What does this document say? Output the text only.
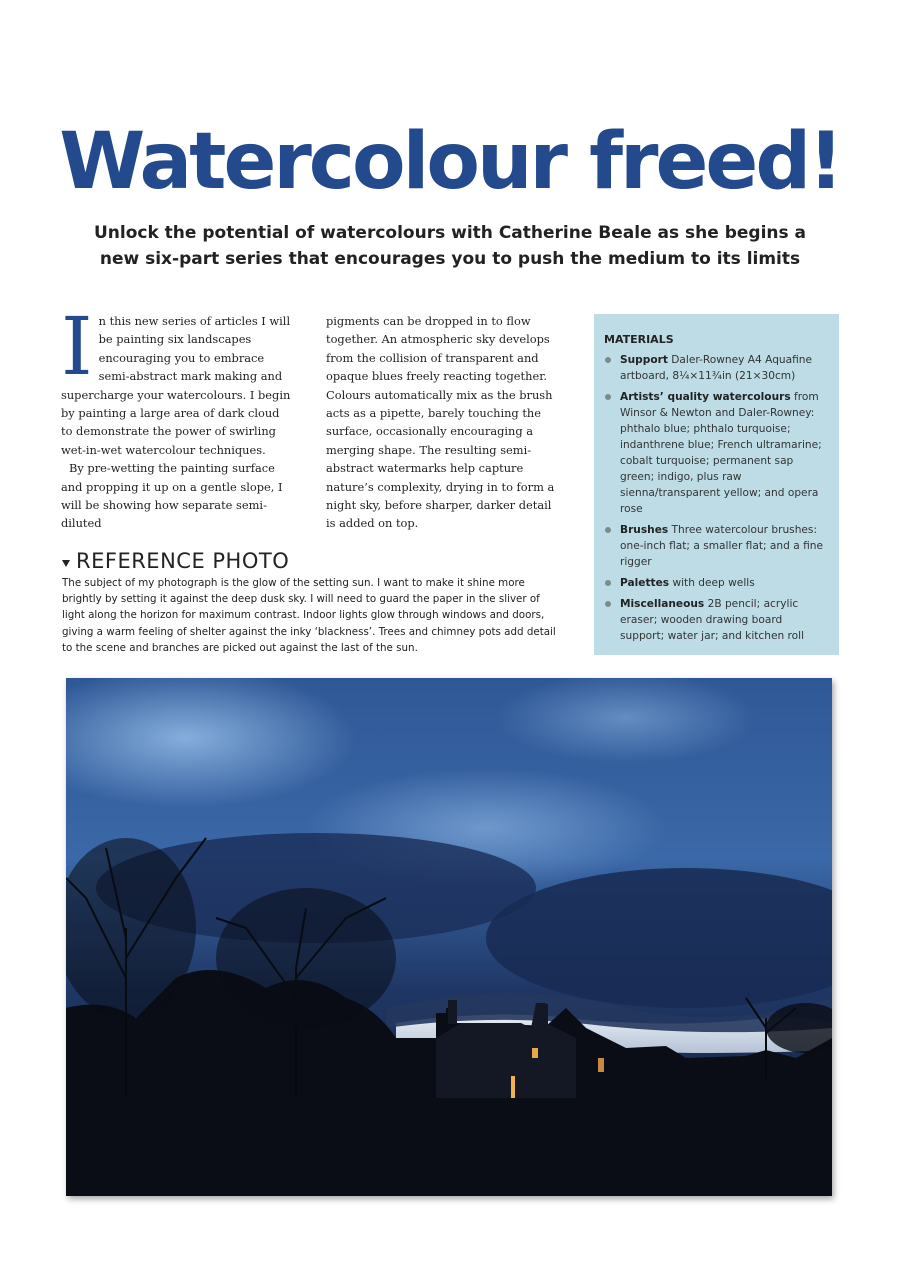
Watercolour freed!
Unlock the potential of watercolours with Catherine Beale as she begins a new six-part series that encourages you to push the medium to its limits

In this new series of articles I will be painting six landscapes encouraging you to embrace semi-abstract mark making and supercharge your watercolours. I begin by painting a large area of dark cloud to demonstrate the power of swirling wet-in-wet watercolour techniques.

By pre-wetting the painting surface and propping it up on a gentle slope, I will be showing how separate semi-diluted

pigments can be dropped in to flow together. An atmospheric sky develops from the collision of transparent and opaque blues freely reacting together. Colours automatically mix as the brush acts as a pipette, barely touching the surface, occasionally encouraging a merging shape. The resulting semi-abstract watermarks help capture nature’s complexity, drying in to form a night sky, before sharper, darker detail is added on top.

MATERIALS
Support Daler-Rowney A4 Aquafine artboard, 8¼×11¾in (21×30cm)
Artists’ quality watercolours from Winsor & Newton and Daler-Rowney: phthalo blue; phthalo turquoise; indanthrene blue; French ultramarine; cobalt turquoise; permanent sap green; indigo, plus raw sienna/transparent yellow; and opera rose
Brushes Three watercolour brushes: one-inch flat; a smaller flat; and a fine rigger
Palettes with deep wells
Miscellaneous 2B pencil; acrylic eraser; wooden drawing board support; water jar; and kitchen roll
REFERENCE PHOTO
The subject of my photograph is the glow of the setting sun. I want to make it shine more brightly by setting it against the deep dusk sky. I will need to guard the paper in the sliver of light along the horizon for maximum contrast. Indoor lights glow through windows and doors, giving a warm feeling of shelter against the inky ‘blackness’. Trees and chimney pots add detail to the scene and branches are picked out against the last of the sun.
